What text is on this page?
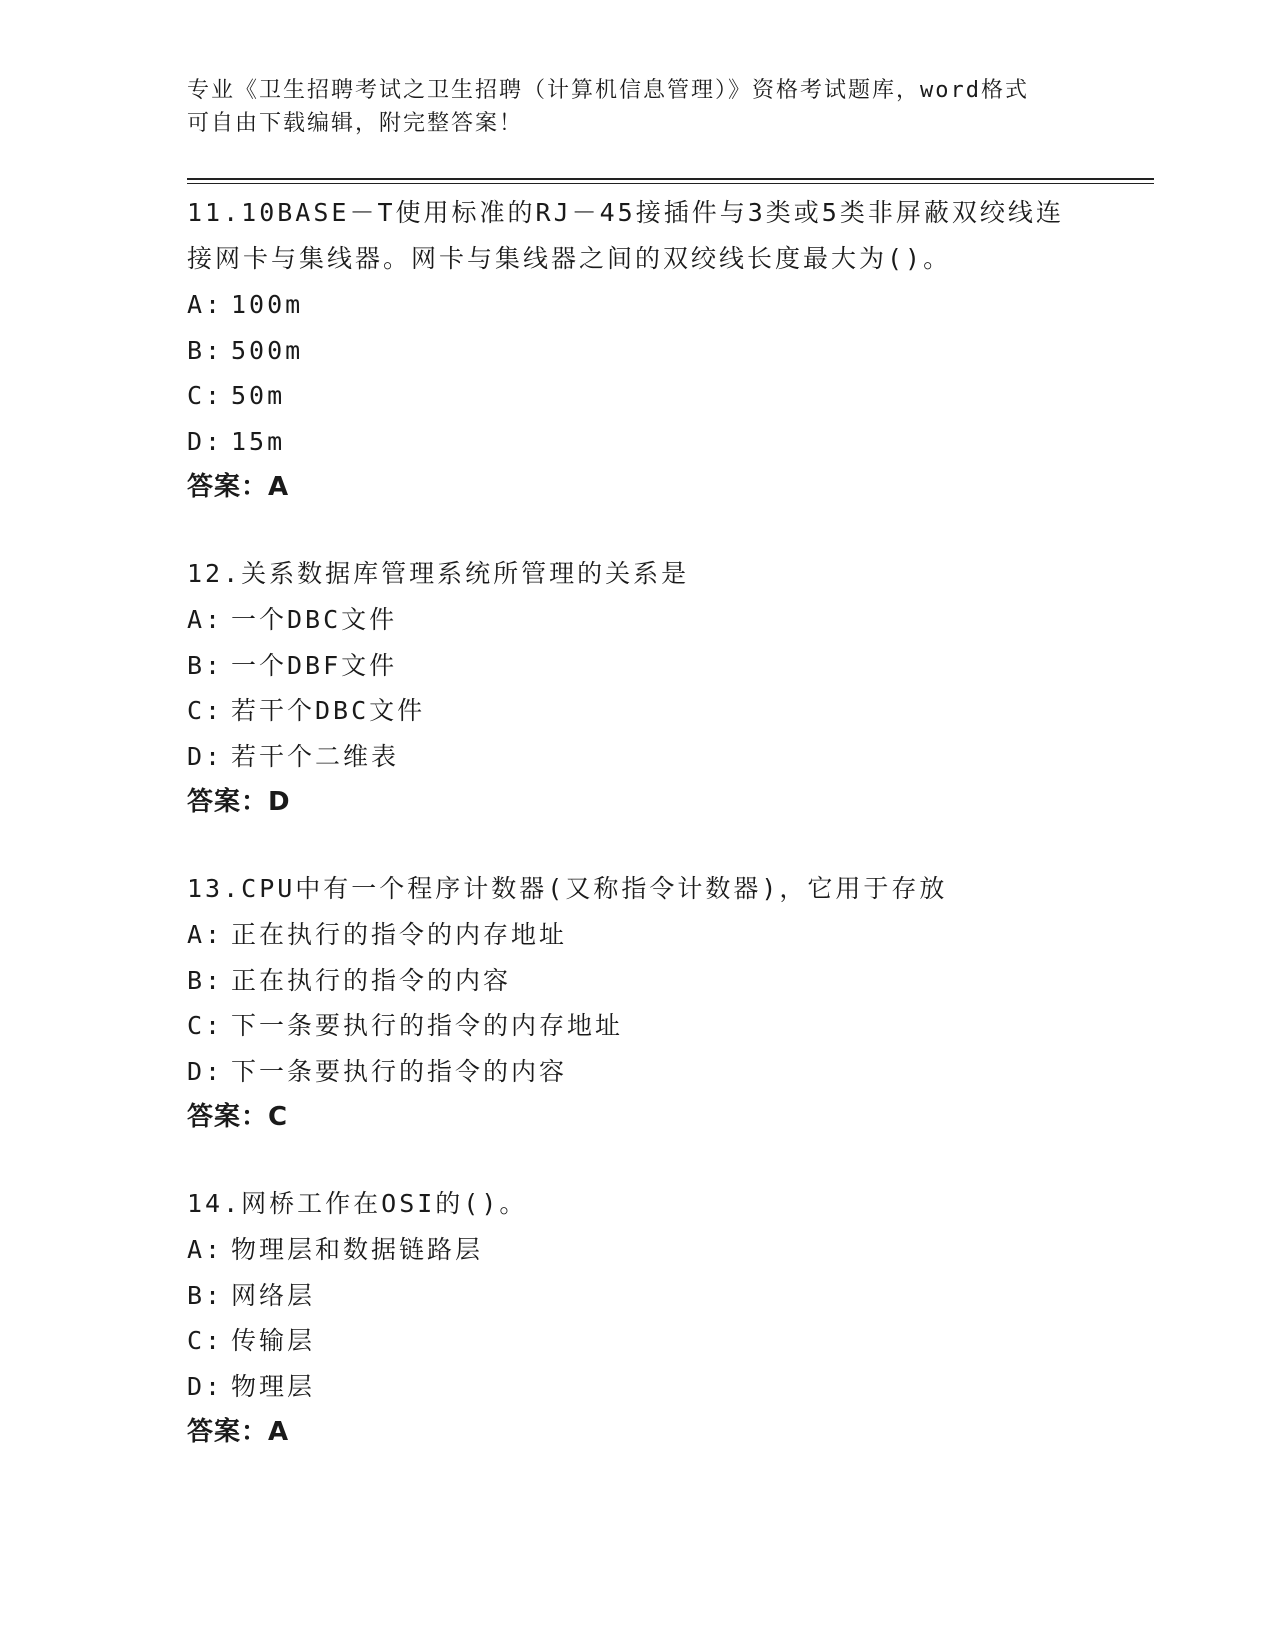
专业《卫生招聘考试之卫生招聘（计算机信息管理）》资格考试题库，word格式
可自由下载编辑，附完整答案！

11.10BASE－T使用标准的RJ－45接插件与3类或5类非屏蔽双绞线连接网卡与集线器。网卡与集线器之间的双绞线长度最大为()。

A: 100m
B: 500m
C: 50m
D: 15m
答案：A

12.关系数据库管理系统所管理的关系是

A: 一个DBC文件
B: 一个DBF文件
C: 若干个DBC文件
D: 若干个二维表
答案：D

13.CPU中有一个程序计数器(又称指令计数器)，它用于存放

A: 正在执行的指令的内存地址
B: 正在执行的指令的内容
C: 下一条要执行的指令的内存地址
D: 下一条要执行的指令的内容
答案：C

14.网桥工作在OSI的()。

A: 物理层和数据链路层
B: 网络层
C: 传输层
D: 物理层
答案：A
